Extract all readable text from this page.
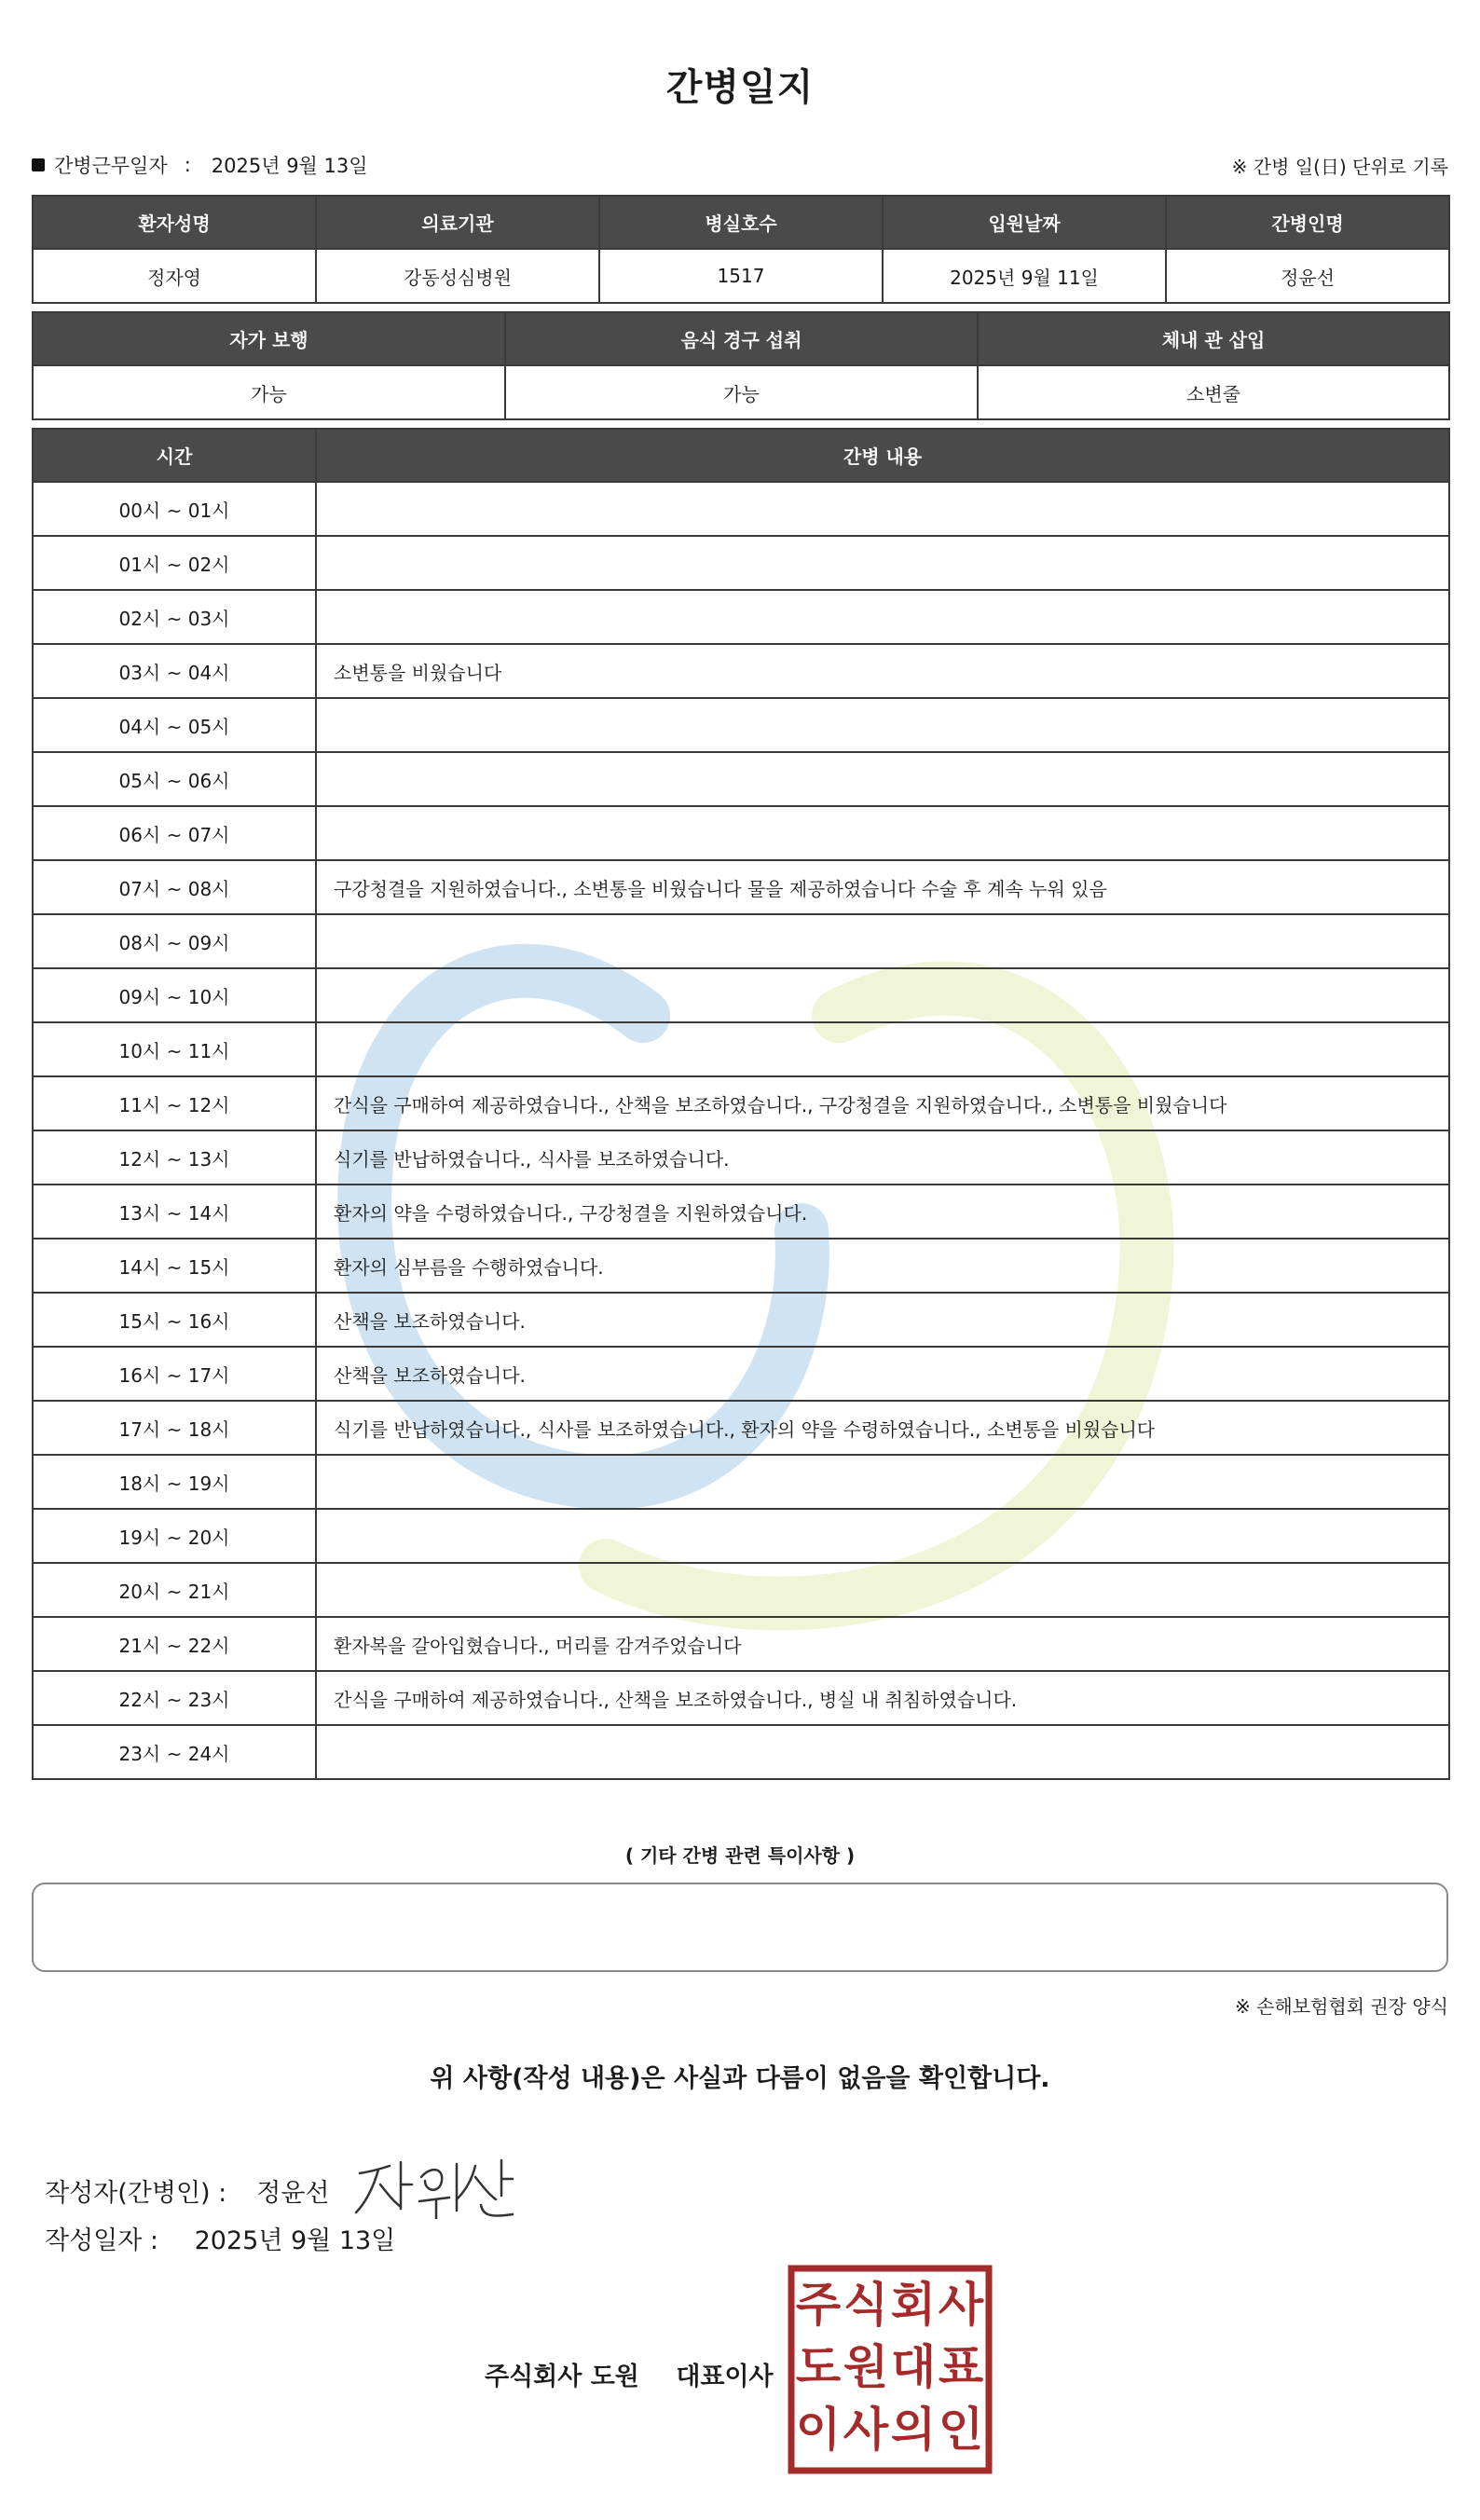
간병일지
간병근무일자 : 2025년 9월 13일	※ 간병 일(日) 단위로 기록
환자성명	의료기관	병실호수	입원날짜	간병인명
정자영	강동성심병원	1517	2025년 9월 11일	정윤선
자가 보행	음식 경구 섭취	체내 관 삽입
가능	가능	소변줄
시간	간병 내용
00시 ~ 01시	
01시 ~ 02시	
02시 ~ 03시	
03시 ~ 04시	소변통을 비웠습니다
04시 ~ 05시	
05시 ~ 06시	
06시 ~ 07시	
07시 ~ 08시	구강청결을 지원하였습니다., 소변통을 비웠습니다 물을 제공하였습니다 수술 후 계속 누워 있음
08시 ~ 09시	
09시 ~ 10시	
10시 ~ 11시	
11시 ~ 12시	간식을 구매하여 제공하였습니다., 산책을 보조하였습니다., 구강청결을 지원하였습니다., 소변통을 비웠습니다
12시 ~ 13시	식기를 반납하였습니다., 식사를 보조하였습니다.
13시 ~ 14시	환자의 약을 수령하였습니다., 구강청결을 지원하였습니다.
14시 ~ 15시	환자의 심부름을 수행하였습니다.
15시 ~ 16시	산책을 보조하였습니다.
16시 ~ 17시	산책을 보조하였습니다.
17시 ~ 18시	식기를 반납하였습니다., 식사를 보조하였습니다., 환자의 약을 수령하였습니다., 소변통을 비웠습니다
18시 ~ 19시	
19시 ~ 20시	
20시 ~ 21시	
21시 ~ 22시	환자복을 갈아입혔습니다., 머리를 감겨주었습니다
22시 ~ 23시	간식을 구매하여 제공하였습니다., 산책을 보조하였습니다., 병실 내 취침하였습니다.
23시 ~ 24시	
( 기타 간병 관련 특이사항 )
※ 손해보험협회 권장 양식
위 사항(작성 내용)은 사실과 다름이 없음을 확인합니다.
작성자(간병인) : 정윤선
작성일자 : 2025년 9월 13일
주식회사 도원 대표이사
주 식 회 사
도 원 대 표
이 사 의 인
